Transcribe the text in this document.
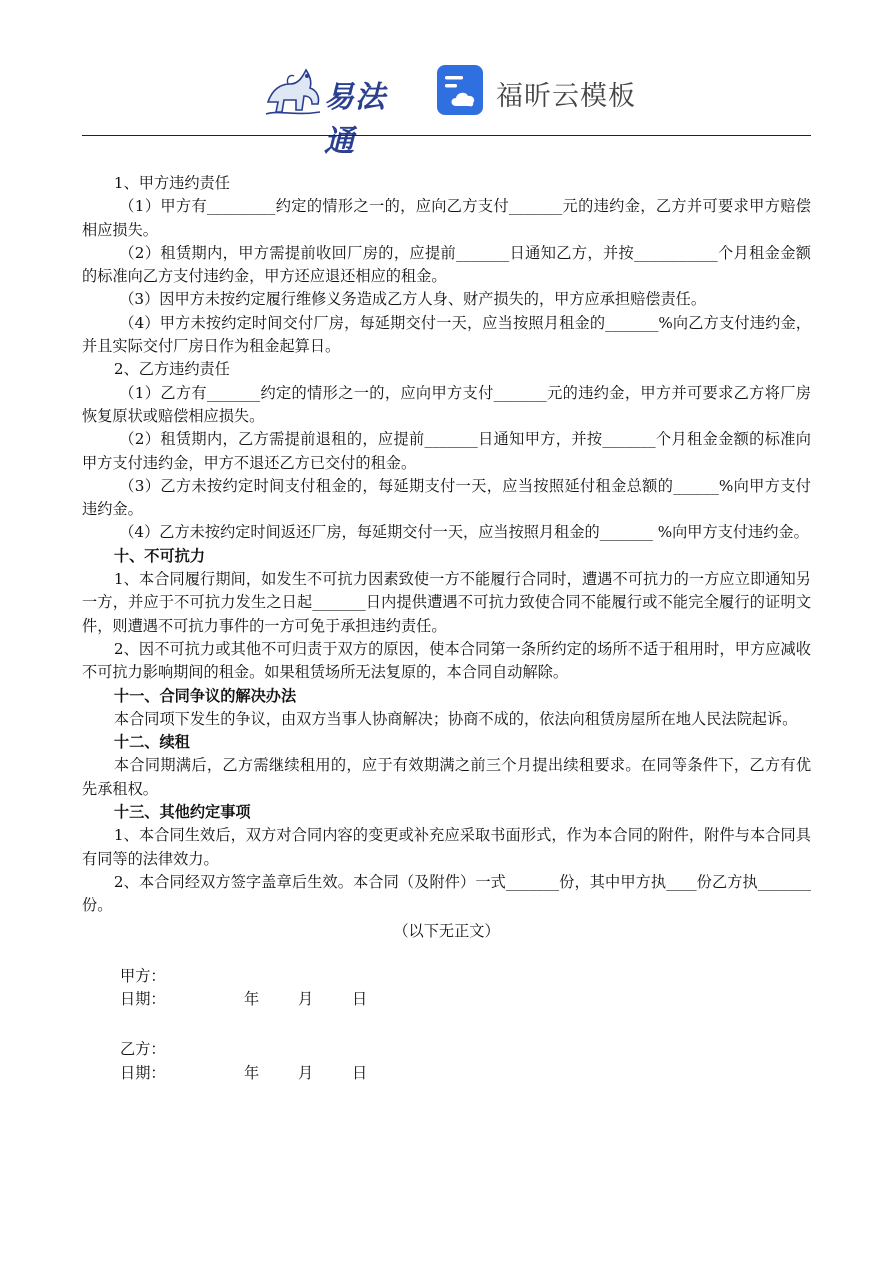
易法通
福昕云模板

1、甲方违约责任

（1）甲方有_________约定的情形之一的，应向乙方支付_______元的违约金，乙方并可要求甲方赔偿相应损失。

（2）租赁期内，甲方需提前收回厂房的，应提前_______日通知乙方，并按___________个月租金金额的标准向乙方支付违约金，甲方还应退还相应的租金。

（3）因甲方未按约定履行维修义务造成乙方人身、财产损失的，甲方应承担赔偿责任。

（4）甲方未按约定时间交付厂房，每延期交付一天，应当按照月租金的_______%向乙方支付违约金，并且实际交付厂房日作为租金起算日。

2、乙方违约责任

（1）乙方有_______约定的情形之一的，应向甲方支付_______元的违约金，甲方并可要求乙方将厂房恢复原状或赔偿相应损失。

（2）租赁期内，乙方需提前退租的，应提前_______日通知甲方，并按_______个月租金金额的标准向甲方支付违约金，甲方不退还乙方已交付的租金。

（3）乙方未按约定时间支付租金的，每延期支付一天，应当按照延付租金总额的______%向甲方支付违约金。

（4）乙方未按约定时间返还厂房，每延期交付一天，应当按照月租金的_______ %向甲方支付违约金。

十、不可抗力

1、本合同履行期间，如发生不可抗力因素致使一方不能履行合同时，遭遇不可抗力的一方应立即通知另一方，并应于不可抗力发生之日起_______日内提供遭遇不可抗力致使合同不能履行或不能完全履行的证明文件，则遭遇不可抗力事件的一方可免于承担违约责任。

2、因不可抗力或其他不可归责于双方的原因，使本合同第一条所约定的场所不适于租用时，甲方应减收不可抗力影响期间的租金。如果租赁场所无法复原的，本合同自动解除。

十一、合同争议的解决办法

本合同项下发生的争议，由双方当事人协商解决；协商不成的，依法向租赁房屋所在地人民法院起诉。

十二、续租

本合同期满后，乙方需继续租用的，应于有效期满之前三个月提出续租要求。在同等条件下，乙方有优先承租权。

十三、其他约定事项

1、本合同生效后，双方对合同内容的变更或补充应采取书面形式，作为本合同的附件，附件与本合同具有同等的法律效力。

2、本合同经双方签字盖章后生效。本合同（及附件）一式_______份，其中甲方执____份乙方执_______份。

（以下无正文）

甲方：

日期：	年	月	日

乙方：

日期：	年	月	日
